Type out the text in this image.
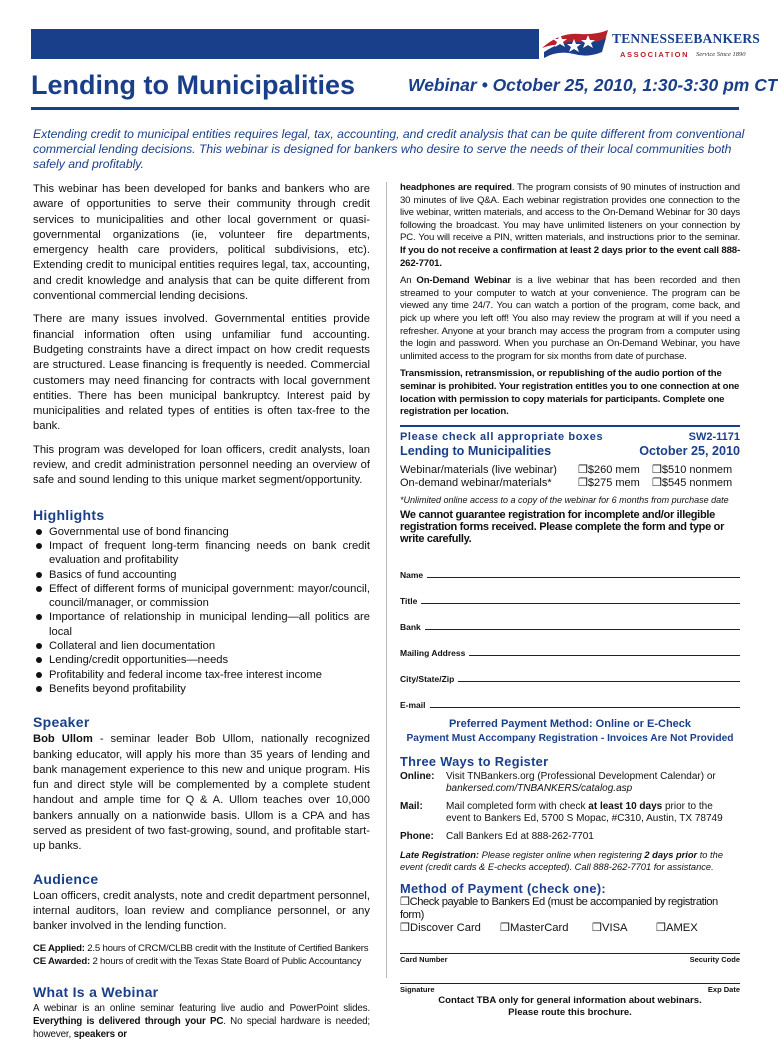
TENNESSEEBANKERS
ASSOCIATION Service Since 1890
Lending to Municipalities	Webinar • October 25, 2010, 1:30-3:30 pm CT

Extending credit to municipal entities requires legal, tax, accounting, and credit analysis that can be quite different from conventional commercial lending decisions. This webinar is designed for bankers who desire to serve the needs of their local communities both safely and profitably.

This webinar has been developed for banks and bankers who are aware of opportunities to serve their community through credit services to municipalities and other local government or quasi-governmental organizations (ie, volunteer fire departments, emergency health care providers, political subdivisions, etc). Extending credit to municipal entities requires legal, tax, accounting, and credit knowledge and analysis that can be quite different from conventional commercial lending decisions.

There are many issues involved. Governmental entities provide financial information often using unfamiliar fund accounting. Budgeting constraints have a direct impact on how credit requests are structured. Lease financing is frequently is needed. Commercial customers may need financing for contracts with local government entities. There has been municipal bankruptcy. Interest paid by municipalities and related types of entities is often tax-free to the bank.

This program was developed for loan officers, credit analysts, loan review, and credit administration personnel needing an overview of safe and sound lending to this unique market segment/opportunity.

Highlights
Governmental use of bond financing
Impact of frequent long-term financing needs on bank credit evaluation and profitability
Basics of fund accounting
Effect of different forms of municipal government: mayor/council, council/manager, or commission
Importance of relationship in municipal lending—all politics are local
Collateral and lien documentation
Lending/credit opportunities—needs
Profitability and federal income tax-free interest income
Benefits beyond profitability
Speaker

Bob Ullom - seminar leader Bob Ullom, nationally recognized banking educator, will apply his more than 35 years of lending and bank management experience to this new and unique program. His fun and direct style will be complemented by a complete student handout and ample time for Q & A. Ullom teaches over 10,000 bankers annually on a nationwide basis. Ullom is a CPA and has served as president of two fast-growing, sound, and profitable start-up banks.

Audience

Loan officers, credit analysts, note and credit department personnel, internal auditors, loan review and compliance personnel, or any banker involved in the lending function.

CE Applied: 2.5 hours of CRCM/CLBB credit with the Institute of Certified Bankers
CE Awarded: 2 hours of credit with the Texas State Board of Public Accountancy
What Is a Webinar

A webinar is an online seminar featuring live audio and PowerPoint slides. Everything is delivered through your PC. No special hardware is needed; however, speakers or

headphones are required. The program consists of 90 minutes of instruction and 30 minutes of live Q&A. Each webinar registration provides one connection to the live webinar, written materials, and access to the On-Demand Webinar for 30 days following the broadcast. You may have unlimited listeners on your connection by PC. You will receive a PIN, written materials, and instructions prior to the seminar. If you do not receive a confirmation at least 2 days prior to the event call 888-262-7701.

An On-Demand Webinar is a live webinar that has been recorded and then streamed to your computer to watch at your convenience. The program can be viewed any time 24/7. You can watch a portion of the program, come back, and pick up where you left off! You also may review the program at will if you need a refresher. Anyone at your branch may access the program from a computer using the login and password. When you purchase an On-Demand Webinar, you have unlimited access to the program for six months from date of purchase.

Transmission, retransmission, or republishing of the audio portion of the seminar is prohibited. Your registration entitles you to one connection at one location with permission to copy materials for participants. Complete one registration per location.

Please check all appropriate boxes	SW2-1171
Lending to Municipalities	October 25, 2010
Webinar/materials (live webinar)	❒$260 mem	❒$510 nonmem
On-demand webinar/materials*	❒$275 mem	❒$545 nonmem

*Unlimited online access to a copy of the webinar for 6 months from purchase date

We cannot guarantee registration for incomplete and/or illegible registration forms received. Please complete the form and type or write carefully.

Name
Title
Bank
Mailing Address
City/State/Zip
E-mail
Preferred Payment Method: Online or E-Check
Payment Must Accompany Registration - Invoices Are Not Provided
Three Ways to Register
Online:	Visit TNBankers.org (Professional Development Calendar) or bankersed.com/TNBANKERS/catalog.asp
Mail:	Mail completed form with check at least 10 days prior to the event to Bankers Ed, 5700 S Mopac, #C310, Austin, TX 78749
Phone:	Call Bankers Ed at 888-262-7701

Late Registration: Please register online when registering 2 days prior to the event (credit cards & E-checks accepted). Call 888-262-7701 for assistance.

Method of Payment (check one):
❒Check payable to Bankers Ed (must be accompanied by registration form)
❒Discover Card	❒MasterCard	❒VISA	❒AMEX
Card Number	Security Code
Signature	Exp Date
Contact TBA only for general information about webinars.
Please route this brochure.
